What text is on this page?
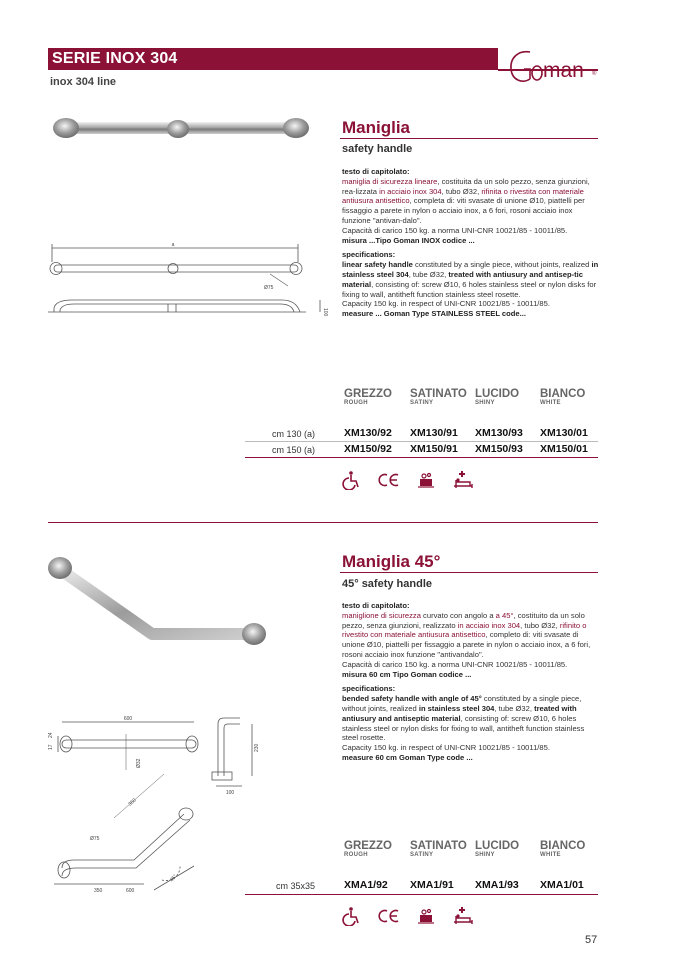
SERIE INOX 304
inox 304 line	man ®
a
Ø75
100
Maniglia
safety handle

testo di capitolato:

maniglia di sicurezza lineare, costituita da un solo pezzo, senza giunzioni, rea-lizzata in acciaio inox 304, tubo Ø32, rifinita o rivestita con materiale antiusura antisettico, completa di: viti svasate di unione Ø10, piattelli per fissaggio a parete in nylon o acciaio inox, a 6 fori, rosoni acciaio inox funzione "antivan-dalo".

Capacità di carico 150 kg. a norma UNI-CNR 10021/85 - 10011/85.

misura ...Tipo Goman INOX codice ...

specifications:

linear safety handle constituted by a single piece, without joints, realized in stainless steel 304, tube Ø32, treated with antiusury and antisep-tic material, consisting of: screw Ø10, 6 holes stainless steel or nylon disks for fixing to wall, antitheft function stainless steel rosette.

Capacity 150 kg. in respect of UNI-CNR 10021/85 - 10011/85.

measure ... Goman Type STAINLESS STEEL code...

GREZZO
ROUGH
SATINATO
SATINY
LUCIDO
SHINY
BIANCO
WHITE
cm 130 (a)	XM130/92 XM130/91 XM130/93 XM130/01
cm 150 (a)	XM150/92 XM150/91 XM150/93 XM150/01
600
17
24
Ø32
230
100
350
Ø75
350	600
45°
Maniglia 45°
45° safety handle

testo di capitolato:

maniglione di sicurezza curvato con angolo a a 45°, costituito da un solo pezzo, senza giunzioni, realizzato in acciaio inox 304, tubo Ø32, rifinito o rivestito con materiale antiusura antisettico, completo di: viti svasate di unione Ø10, piattelli per fissaggio a parete in nylon o acciaio inox, a 6 fori, rosoni acciaio inox funzione "antivandalo".

Capacità di carico 150 kg. a norma UNI-CNR 10021/85 - 10011/85.

misura 60 cm Tipo Goman codice ...

specifications:

bended safety handle with angle of 45° constituted by a single piece, without joints, realized in stainless steel 304, tube Ø32, treated with antiusury and antiseptic material, consisting of: screw Ø10, 6 holes stainless steel or nylon disks for fixing to wall, antitheft function stainless steel rosette.

Capacity 150 kg. in respect of UNI-CNR 10021/85 - 10011/85.

measure 60 cm Goman Type code ...

GREZZO
ROUGH
SATINATO
SATINY
LUCIDO
SHINY
BIANCO
WHITE
cm 35x35	XMA1/92 XMA1/91 XMA1/93 XMA1/01
57
